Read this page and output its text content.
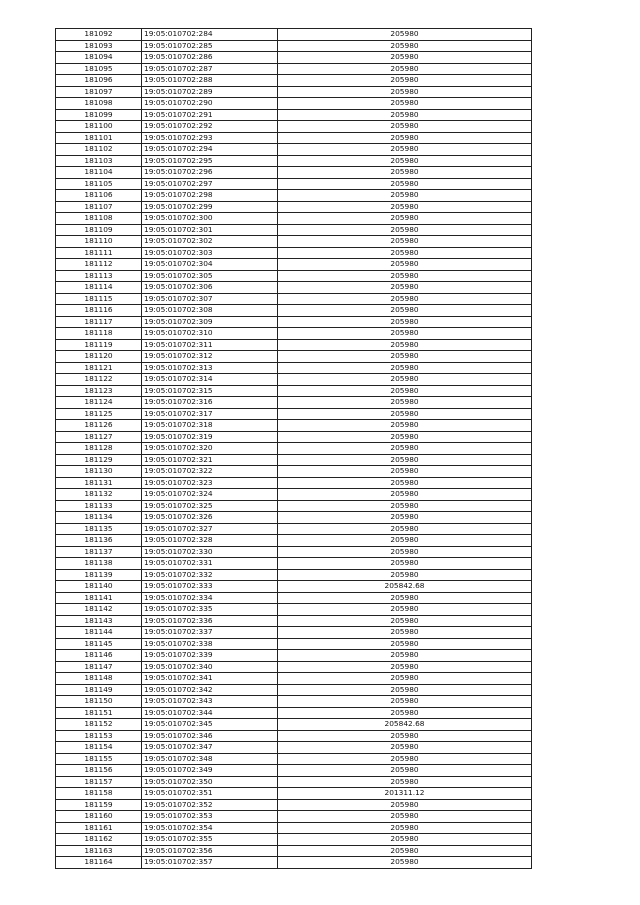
181092	19:05:010702:284	205980
181093	19:05:010702:285	205980
181094	19:05:010702:286	205980
181095	19:05:010702:287	205980
181096	19:05:010702:288	205980
181097	19:05:010702:289	205980
181098	19:05:010702:290	205980
181099	19:05:010702:291	205980
181100	19:05:010702:292	205980
181101	19:05:010702:293	205980
181102	19:05:010702:294	205980
181103	19:05:010702:295	205980
181104	19:05:010702:296	205980
181105	19:05:010702:297	205980
181106	19:05:010702:298	205980
181107	19:05:010702:299	205980
181108	19:05:010702:300	205980
181109	19:05:010702:301	205980
181110	19:05:010702:302	205980
181111	19:05:010702:303	205980
181112	19:05:010702:304	205980
181113	19:05:010702:305	205980
181114	19:05:010702:306	205980
181115	19:05:010702:307	205980
181116	19:05:010702:308	205980
181117	19:05:010702:309	205980
181118	19:05:010702:310	205980
181119	19:05:010702:311	205980
181120	19:05:010702:312	205980
181121	19:05:010702:313	205980
181122	19:05:010702:314	205980
181123	19:05:010702:315	205980
181124	19:05:010702:316	205980
181125	19:05:010702:317	205980
181126	19:05:010702:318	205980
181127	19:05:010702:319	205980
181128	19:05:010702:320	205980
181129	19:05:010702:321	205980
181130	19:05:010702:322	205980
181131	19:05:010702:323	205980
181132	19:05:010702:324	205980
181133	19:05:010702:325	205980
181134	19:05:010702:326	205980
181135	19:05:010702:327	205980
181136	19:05:010702:328	205980
181137	19:05:010702:330	205980
181138	19:05:010702:331	205980
181139	19:05:010702:332	205980
181140	19:05:010702:333	205842.68
181141	19:05:010702:334	205980
181142	19:05:010702:335	205980
181143	19:05:010702:336	205980
181144	19:05:010702:337	205980
181145	19:05:010702:338	205980
181146	19:05:010702:339	205980
181147	19:05:010702:340	205980
181148	19:05:010702:341	205980
181149	19:05:010702:342	205980
181150	19:05:010702:343	205980
181151	19:05:010702:344	205980
181152	19:05:010702:345	205842.68
181153	19:05:010702:346	205980
181154	19:05:010702:347	205980
181155	19:05:010702:348	205980
181156	19:05:010702:349	205980
181157	19:05:010702:350	205980
181158	19:05:010702:351	201311.12
181159	19:05:010702:352	205980
181160	19:05:010702:353	205980
181161	19:05:010702:354	205980
181162	19:05:010702:355	205980
181163	19:05:010702:356	205980
181164	19:05:010702:357	205980
